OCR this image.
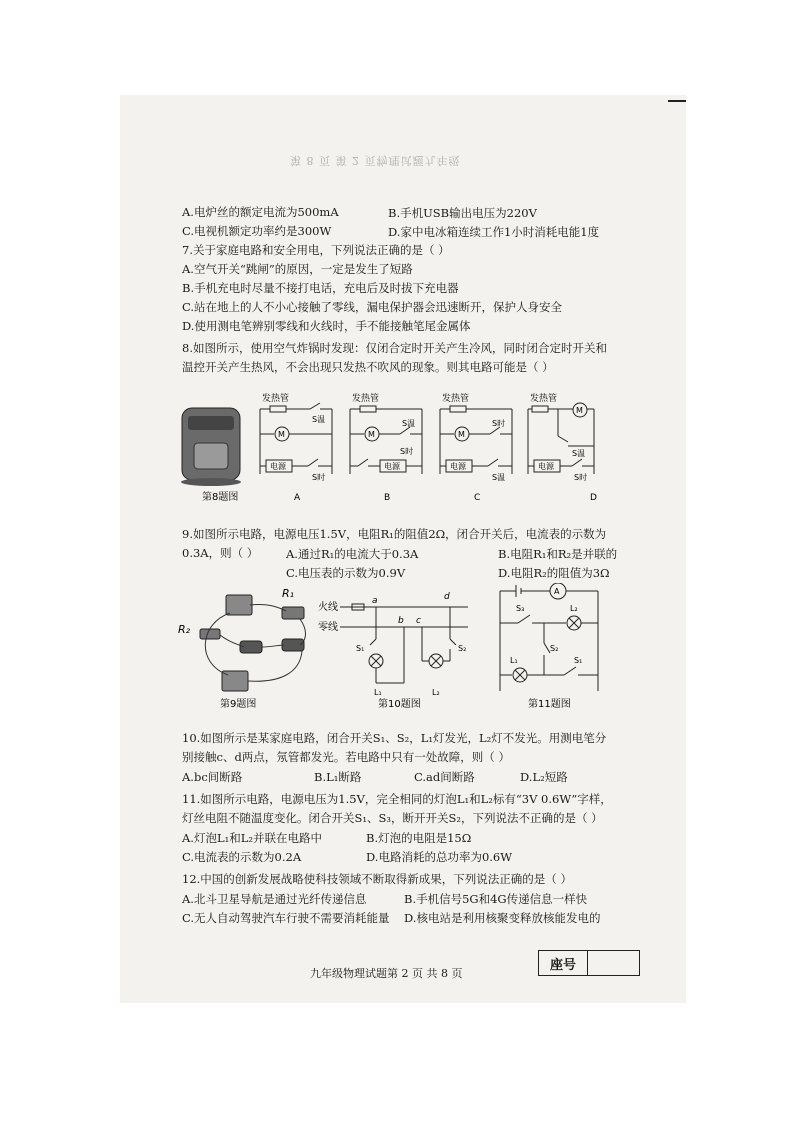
第 8 页 第 2 页物理试题九年级
A.电炉丝的额定电流为500mA	B.手机USB输出电压为220V
C.电视机额定功率约是300W	D.家中电冰箱连续工作1小时消耗电能1度
7.关于家庭电路和安全用电，下列说法正确的是（ ）
A.空气开关“跳闸”的原因，一定是发生了短路
B.手机充电时尽量不接打电话，充电后及时拔下充电器
C.站在地上的人不小心接触了零线，漏电保护器会迅速断开，保护人身安全
D.使用测电笔辨别零线和火线时，手不能接触笔尾金属体
8.如图所示，使用空气炸锅时发现：仅闭合定时开关产生冷风，同时闭合定时开关和
温控开关产生热风，不会出现只发热不吹风的现象。则其电路可能是（ ）
发热管
S温
M
电源
S时
A
发热管
M
S温
电源
S时
B
发热管
M
S时
电源
S温
C
发热管
M
S温
电源
S时
D
第8题图
9.如图所示电路，电源电压1.5V，电阻R₁的阻值2Ω，闭合开关后，电流表的示数为
0.3A，则（ ） A.通过R₁的电流大于0.3A	B.电阻R₁和R₂是并联的
C.电压表的示数为0.9V	D.电阻R₂的阻值为3Ω
R₁
R₂
第9题图
火线
零线
a	d
b c
S₁
L₁
S₂
L₂
第10题图
A
S₃	L₂
S₂
L₁	S₁
第11题图
10.如图所示是某家庭电路，闭合开关S₁、S₂，L₁灯发光，L₂灯不发光。用测电笔分
别接触c、d两点，氖管都发光。若电路中只有一处故障，则（ ）
A.bc间断路	B.L₁断路	C.ad间断路	D.L₂短路
11.如图所示电路，电源电压为1.5V，完全相同的灯泡L₁和L₂标有“3V 0.6W”字样，
灯丝电阻不随温度变化。闭合开关S₁、S₃，断开开关S₂，下列说法不正确的是（ ）
A.灯泡L₁和L₂并联在电路中	B.灯泡的电阻是15Ω
C.电流表的示数为0.2A	D.电路消耗的总功率为0.6W
12.中国的创新发展战略使科技领域不断取得新成果，下列说法正确的是（ ）
A.北斗卫星导航是通过光纤传递信息	B.手机信号5G和4G传递信息一样快
C.无人自动驾驶汽车行驶不需要消耗能量 D.核电站是利用核聚变释放核能发电的
九年级物理试题第 2 页 共 8 页
座号
